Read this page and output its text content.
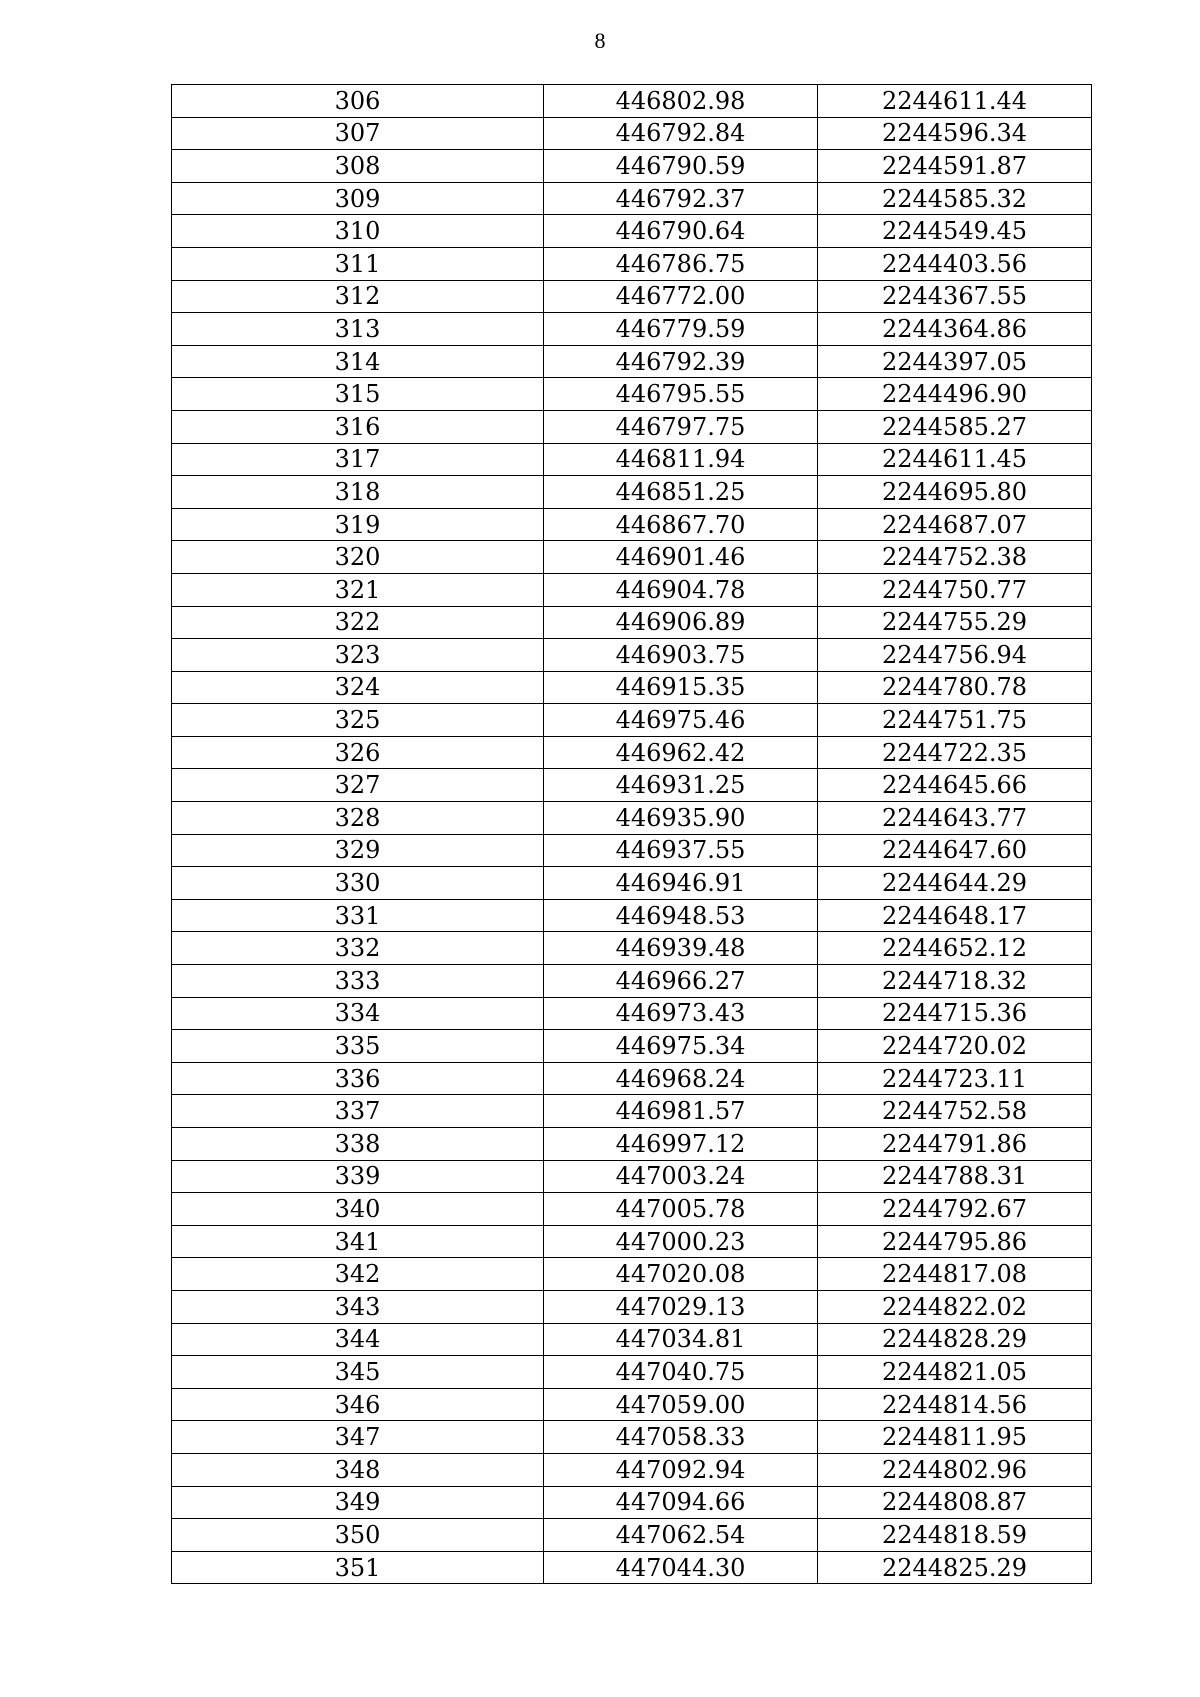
8
306	446802.98	2244611.44
307	446792.84	2244596.34
308	446790.59	2244591.87
309	446792.37	2244585.32
310	446790.64	2244549.45
311	446786.75	2244403.56
312	446772.00	2244367.55
313	446779.59	2244364.86
314	446792.39	2244397.05
315	446795.55	2244496.90
316	446797.75	2244585.27
317	446811.94	2244611.45
318	446851.25	2244695.80
319	446867.70	2244687.07
320	446901.46	2244752.38
321	446904.78	2244750.77
322	446906.89	2244755.29
323	446903.75	2244756.94
324	446915.35	2244780.78
325	446975.46	2244751.75
326	446962.42	2244722.35
327	446931.25	2244645.66
328	446935.90	2244643.77
329	446937.55	2244647.60
330	446946.91	2244644.29
331	446948.53	2244648.17
332	446939.48	2244652.12
333	446966.27	2244718.32
334	446973.43	2244715.36
335	446975.34	2244720.02
336	446968.24	2244723.11
337	446981.57	2244752.58
338	446997.12	2244791.86
339	447003.24	2244788.31
340	447005.78	2244792.67
341	447000.23	2244795.86
342	447020.08	2244817.08
343	447029.13	2244822.02
344	447034.81	2244828.29
345	447040.75	2244821.05
346	447059.00	2244814.56
347	447058.33	2244811.95
348	447092.94	2244802.96
349	447094.66	2244808.87
350	447062.54	2244818.59
351	447044.30	2244825.29
